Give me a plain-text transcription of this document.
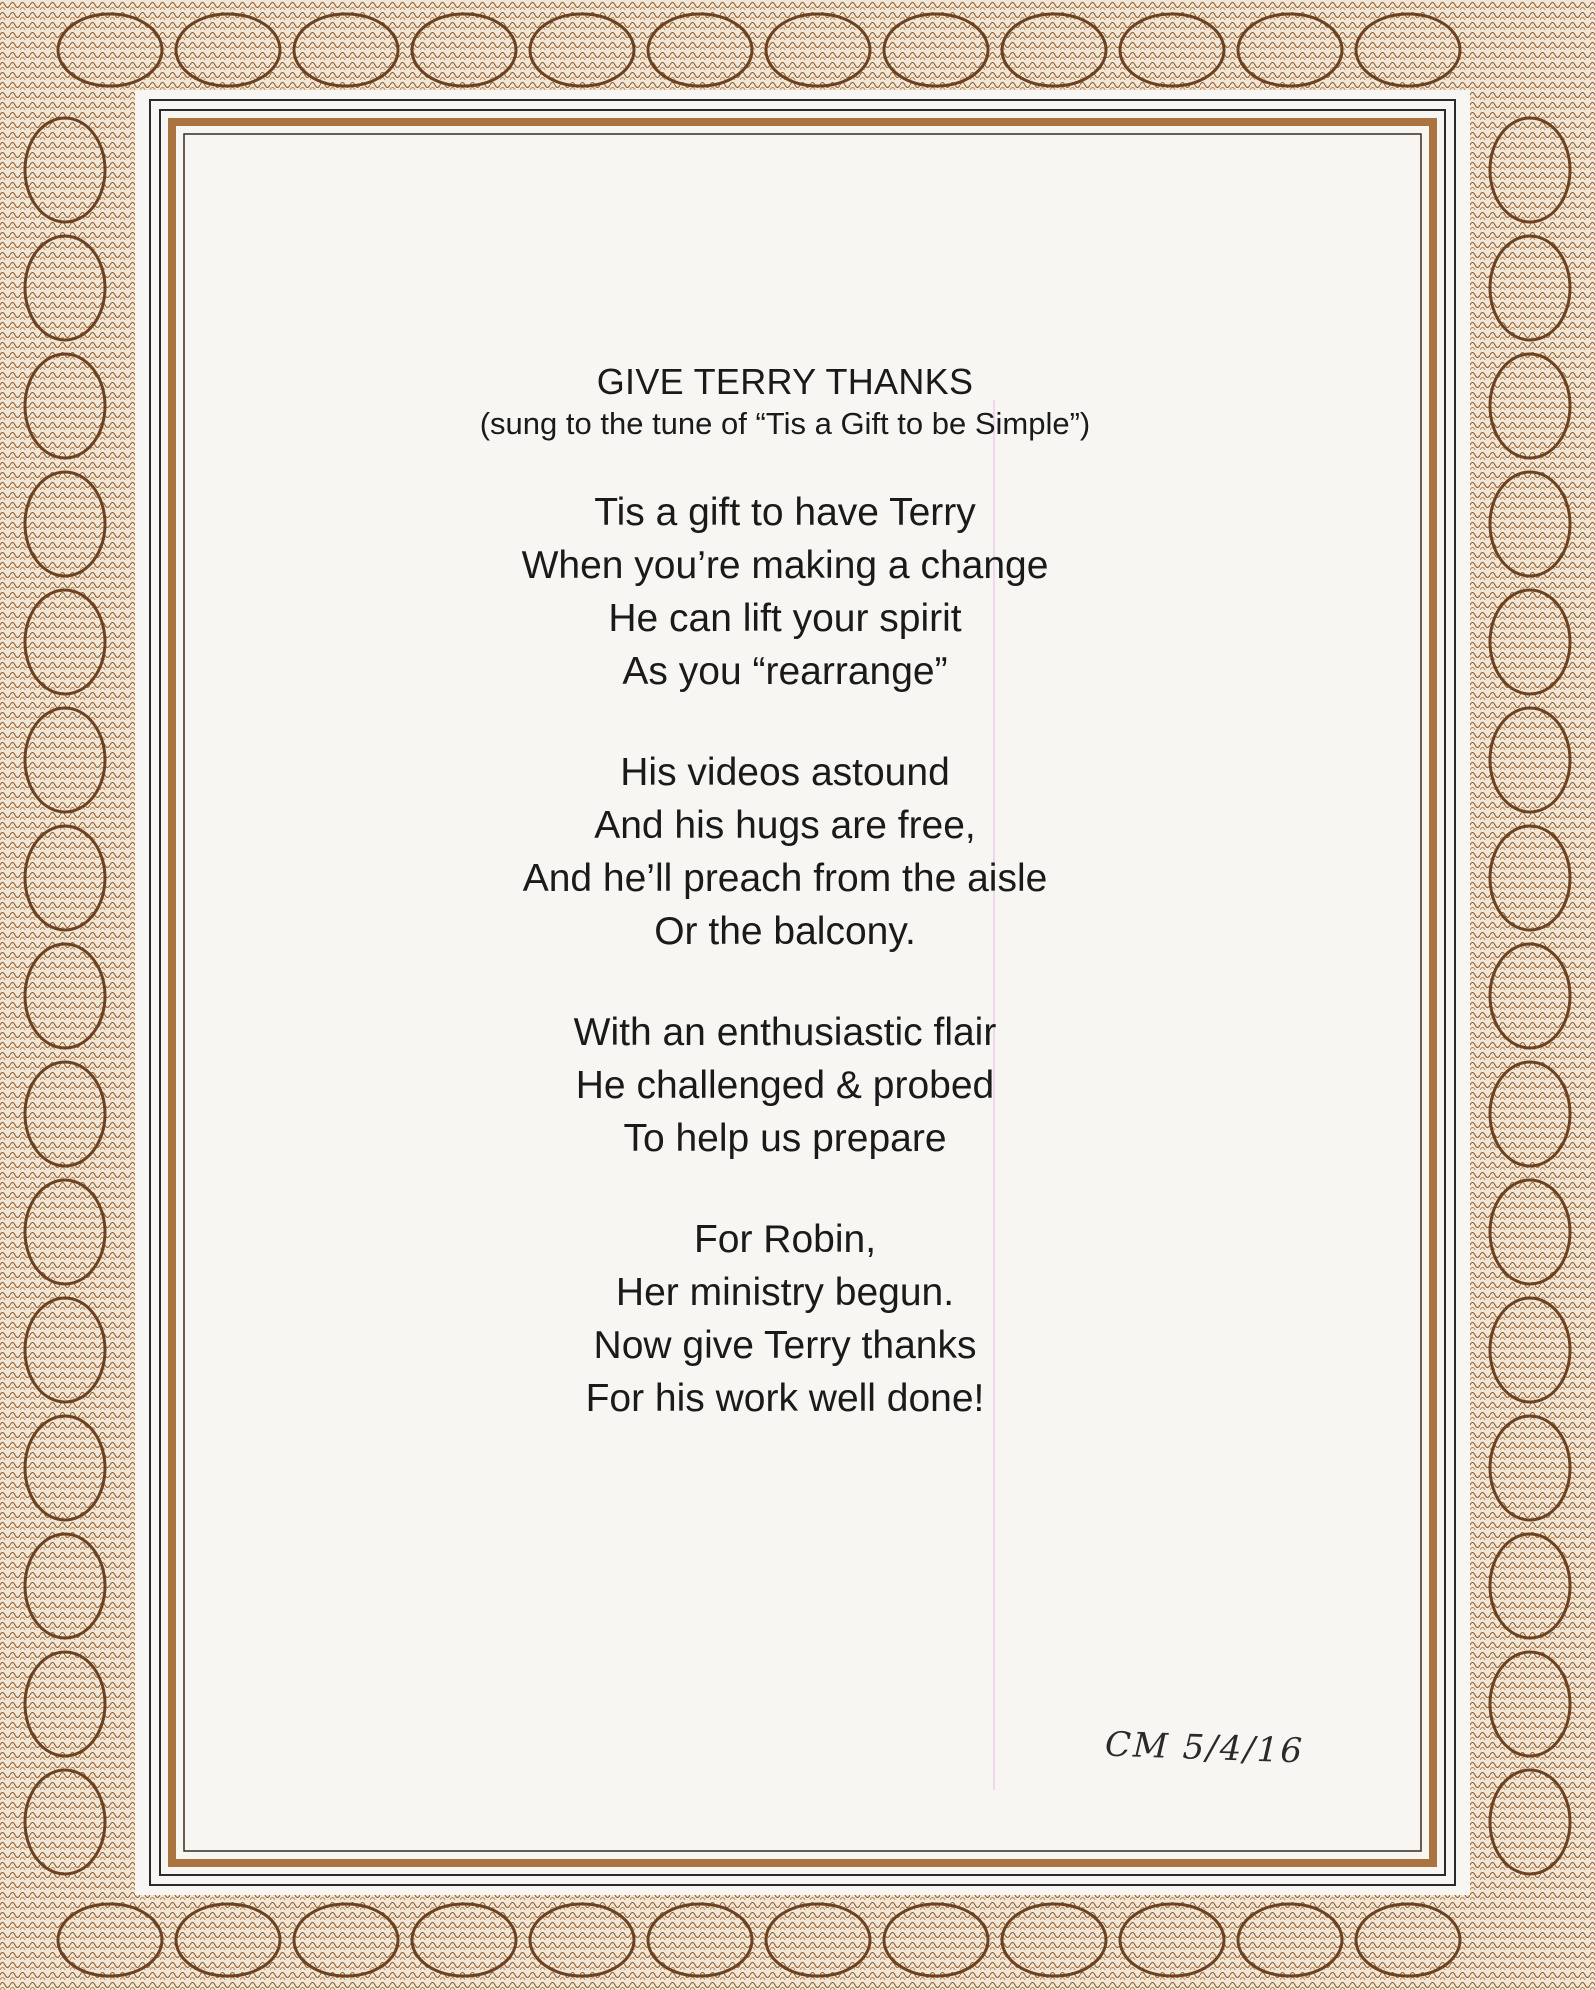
GIVE TERRY THANKS

(sung to the tune of “Tis a Gift to be Simple”)

Tis a gift to have Terry
When you’re making a change
He can lift your spirit
As you “rearrange”
His videos astound
And his hugs are free,
And he’ll preach from the aisle
Or the balcony.
With an enthusiastic flair
He challenged & probed
To help us prepare
For Robin,
Her ministry begun.
Now give Terry thanks
For his work well done!
CM 5/4/16
